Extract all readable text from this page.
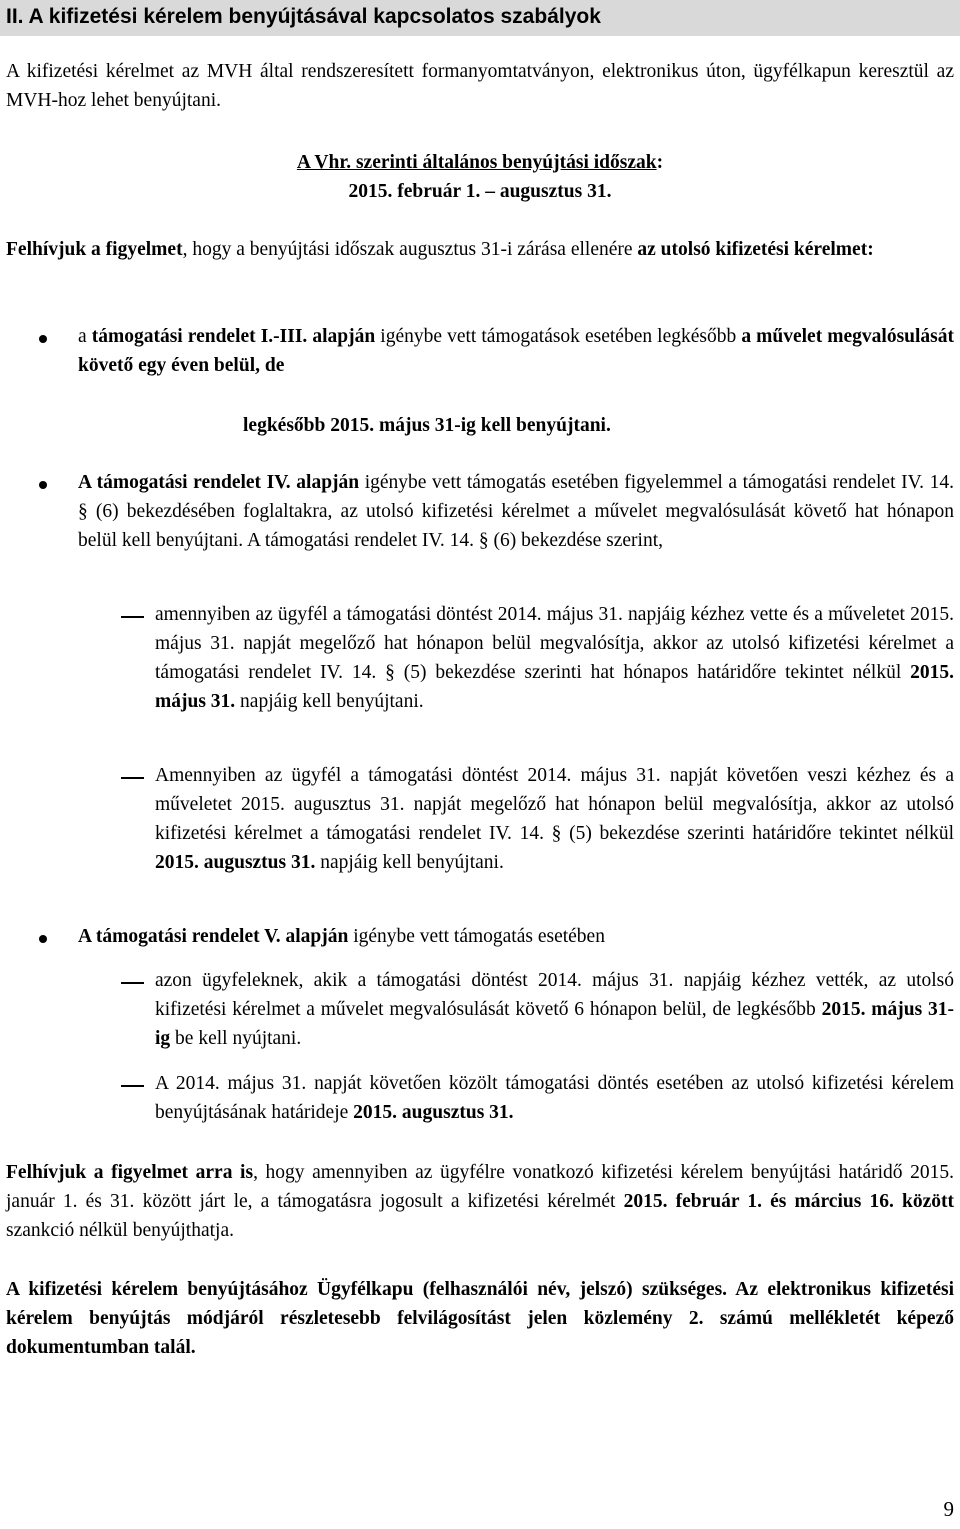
II. A kifizetési kérelem benyújtásával kapcsolatos szabályok

A kifizetési kérelmet az MVH által rendszeresített formanyomtatványon, elektronikus úton, ügyfélkapun keresztül az MVH-hoz lehet benyújtani.

A Vhr. szerinti általános benyújtási időszak:

2015. február 1. – augusztus 31.

Felhívjuk a figyelmet, hogy a benyújtási időszak augusztus 31-i zárása ellenére az utolsó kifizetési kérelmet:

a támogatási rendelet I.-III. alapján igénybe vett támogatások esetében legkésőbb a művelet megvalósulását követő egy éven belül, de

legkésőbb 2015. május 31-ig kell benyújtani.

A támogatási rendelet IV. alapján igénybe vett támogatás esetében figyelemmel a támogatási rendelet IV. 14. § (6) bekezdésében foglaltakra, az utolsó kifizetési kérelmet a művelet megvalósulását követő hat hónapon belül kell benyújtani. A támogatási rendelet IV. 14. § (6) bekezdése szerint,

amennyiben az ügyfél a támogatási döntést 2014. május 31. napjáig kézhez vette és a műveletet 2015. május 31. napját megelőző hat hónapon belül megvalósítja, akkor az utolsó kifizetési kérelmet a támogatási rendelet IV. 14. § (5) bekezdése szerinti hat hónapos határidőre tekintet nélkül 2015. május 31. napjáig kell benyújtani.

Amennyiben az ügyfél a támogatási döntést 2014. május 31. napját követően veszi kézhez és a műveletet 2015. augusztus 31. napját megelőző hat hónapon belül megvalósítja, akkor az utolsó kifizetési kérelmet a támogatási rendelet IV. 14. § (5) bekezdése szerinti határidőre tekintet nélkül 2015. augusztus 31. napjáig kell benyújtani.

A támogatási rendelet V. alapján igénybe vett támogatás esetében

azon ügyfeleknek, akik a támogatási döntést 2014. május 31. napjáig kézhez vették, az utolsó kifizetési kérelmet a művelet megvalósulását követő 6 hónapon belül, de legkésőbb 2015. május 31-ig be kell nyújtani.

A 2014. május 31. napját követően közölt támogatási döntés esetében az utolsó kifizetési kérelem benyújtásának határideje 2015. augusztus 31.

Felhívjuk a figyelmet arra is, hogy amennyiben az ügyfélre vonatkozó kifizetési kérelem benyújtási határidő 2015. január 1. és 31. között járt le, a támogatásra jogosult a kifizetési kérelmét 2015. február 1. és március 16. között szankció nélkül benyújthatja.

A kifizetési kérelem benyújtásához Ügyfélkapu (felhasználói név, jelszó) szükséges. Az elektronikus kifizetési kérelem benyújtás módjáról részletesebb felvilágosítást jelen közlemény 2. számú mellékletét képező dokumentumban talál.

9
